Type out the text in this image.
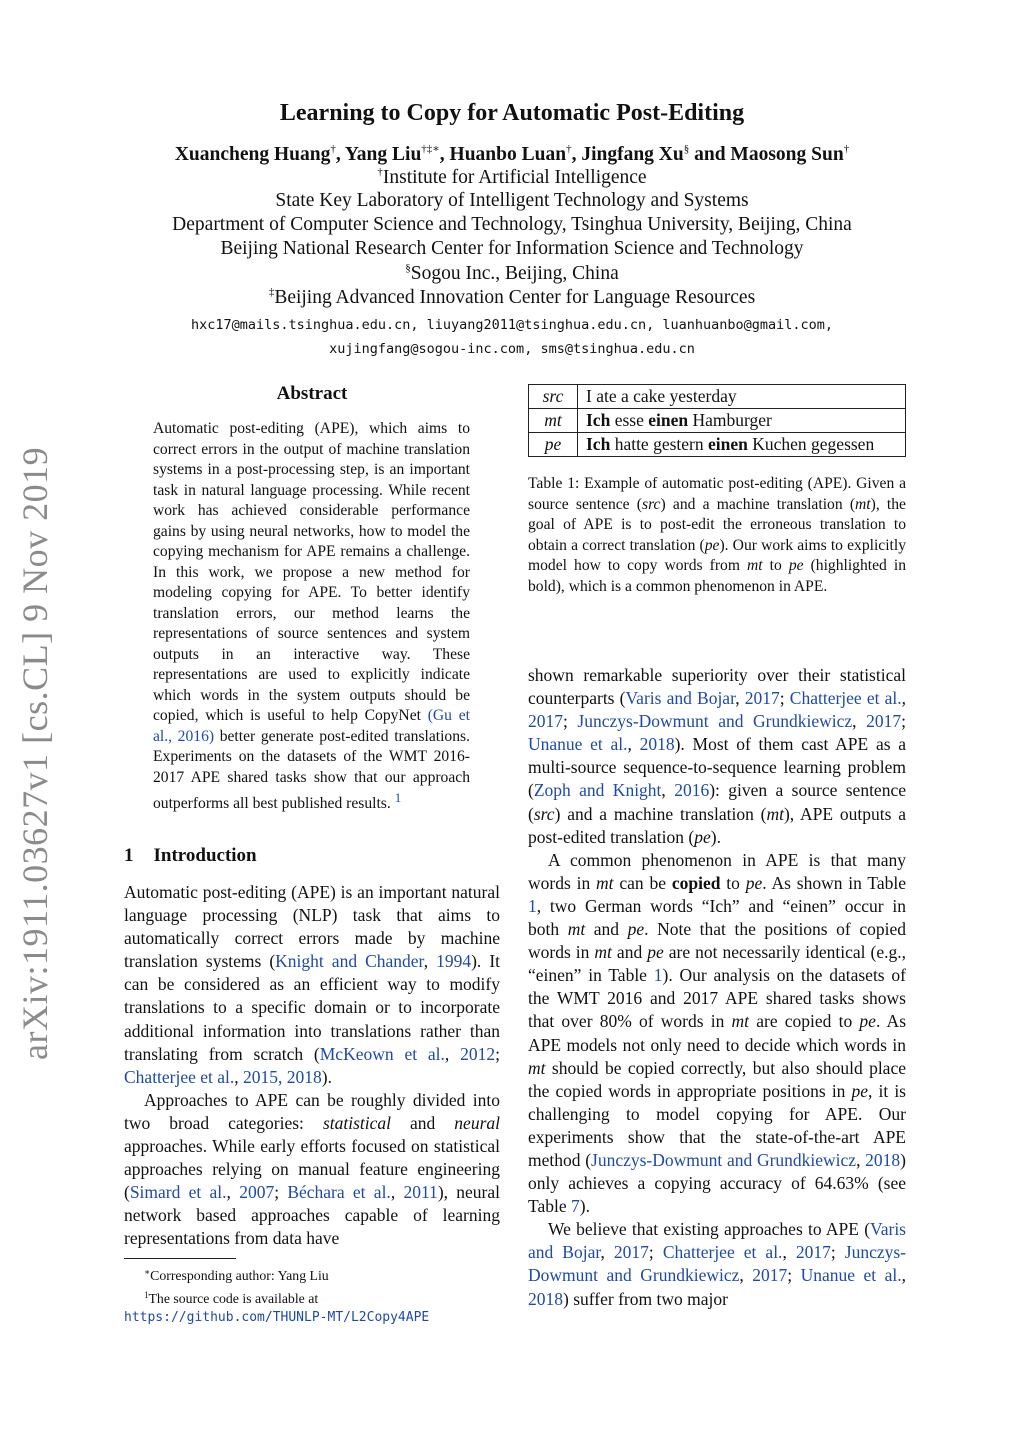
arXiv:1911.03627v1 [cs.CL] 9 Nov 2019
Learning to Copy for Automatic Post-Editing
Xuancheng Huang†, Yang Liu†‡∗, Huanbo Luan†, Jingfang Xu§ and Maosong Sun†
†Institute for Artificial Intelligence
State Key Laboratory of Intelligent Technology and Systems
Department of Computer Science and Technology, Tsinghua University, Beijing, China
Beijing National Research Center for Information Science and Technology
§Sogou Inc., Beijing, China
‡Beijing Advanced Innovation Center for Language Resources
hxc17@mails.tsinghua.edu.cn, liuyang2011@tsinghua.edu.cn, luanhuanbo@gmail.com,
xujingfang@sogou-inc.com, sms@tsinghua.edu.cn
Abstract
Automatic post-editing (APE), which aims to correct errors in the output of machine translation systems in a post-processing step, is an important task in natural language processing. While recent work has achieved considerable performance gains by using neural networks, how to model the copying mechanism for APE remains a challenge. In this work, we propose a new method for modeling copying for APE. To better identify translation errors, our method learns the representations of source sentences and system outputs in an interactive way. These representations are used to explicitly indicate which words in the system outputs should be copied, which is useful to help CopyNet (Gu et al., 2016) better generate post-edited translations. Experiments on the datasets of the WMT 2016-2017 APE shared tasks show that our approach outperforms all best published results. $^1$
1 Introduction

Automatic post-editing (APE) is an important natural language processing (NLP) task that aims to automatically correct errors made by machine translation systems (Knight and Chander, 1994). It can be considered as an efficient way to modify translations to a specific domain or to incorporate additional information into translations rather than translating from scratch (McKeown et al., 2012; Chatterjee et al., 2015, 2018).

Approaches to APE can be roughly divided into two broad categories: statistical and neural approaches. While early efforts focused on statistical approaches relying on manual feature engineering (Simard et al., 2007; Béchara et al., 2011), neural network based approaches capable of learning representations from data have

∗Corresponding author: Yang Liu
$^1$The source code is available at https://github.com/THUNLP-MT/L2Copy4APE
src	I ate a cake yesterday
mt	Ich esse einen Hamburger
pe	Ich hatte gestern einen Kuchen gegessen
Table 1: Example of automatic post-editing (APE). Given a source sentence (src) and a machine translation (mt), the goal of APE is to post-edit the erroneous translation to obtain a correct translation (pe). Our work aims to explicitly model how to copy words from mt to pe (highlighted in bold), which is a common phenomenon in APE.

shown remarkable superiority over their statistical counterparts (Varis and Bojar, 2017; Chatterjee et al., 2017; Junczys-Dowmunt and Grundkiewicz, 2017; Unanue et al., 2018). Most of them cast APE as a multi-source sequence-to-sequence learning problem (Zoph and Knight, 2016): given a source sentence (src) and a machine translation (mt), APE outputs a post-edited translation (pe).

A common phenomenon in APE is that many words in mt can be copied to pe. As shown in Table 1, two German words “Ich” and “einen” occur in both mt and pe. Note that the positions of copied words in mt and pe are not necessarily identical (e.g., “einen” in Table 1). Our analysis on the datasets of the WMT 2016 and 2017 APE shared tasks shows that over 80% of words in mt are copied to pe. As APE models not only need to decide which words in mt should be copied correctly, but also should place the copied words in appropriate positions in pe, it is challenging to model copying for APE. Our experiments show that the state-of-the-art APE method (Junczys-Dowmunt and Grundkiewicz, 2018) only achieves a copying accuracy of 64.63% (see Table 7).

We believe that existing approaches to APE (Varis and Bojar, 2017; Chatterjee et al., 2017; Junczys-Dowmunt and Grundkiewicz, 2017; Unanue et al., 2018) suffer from two major
